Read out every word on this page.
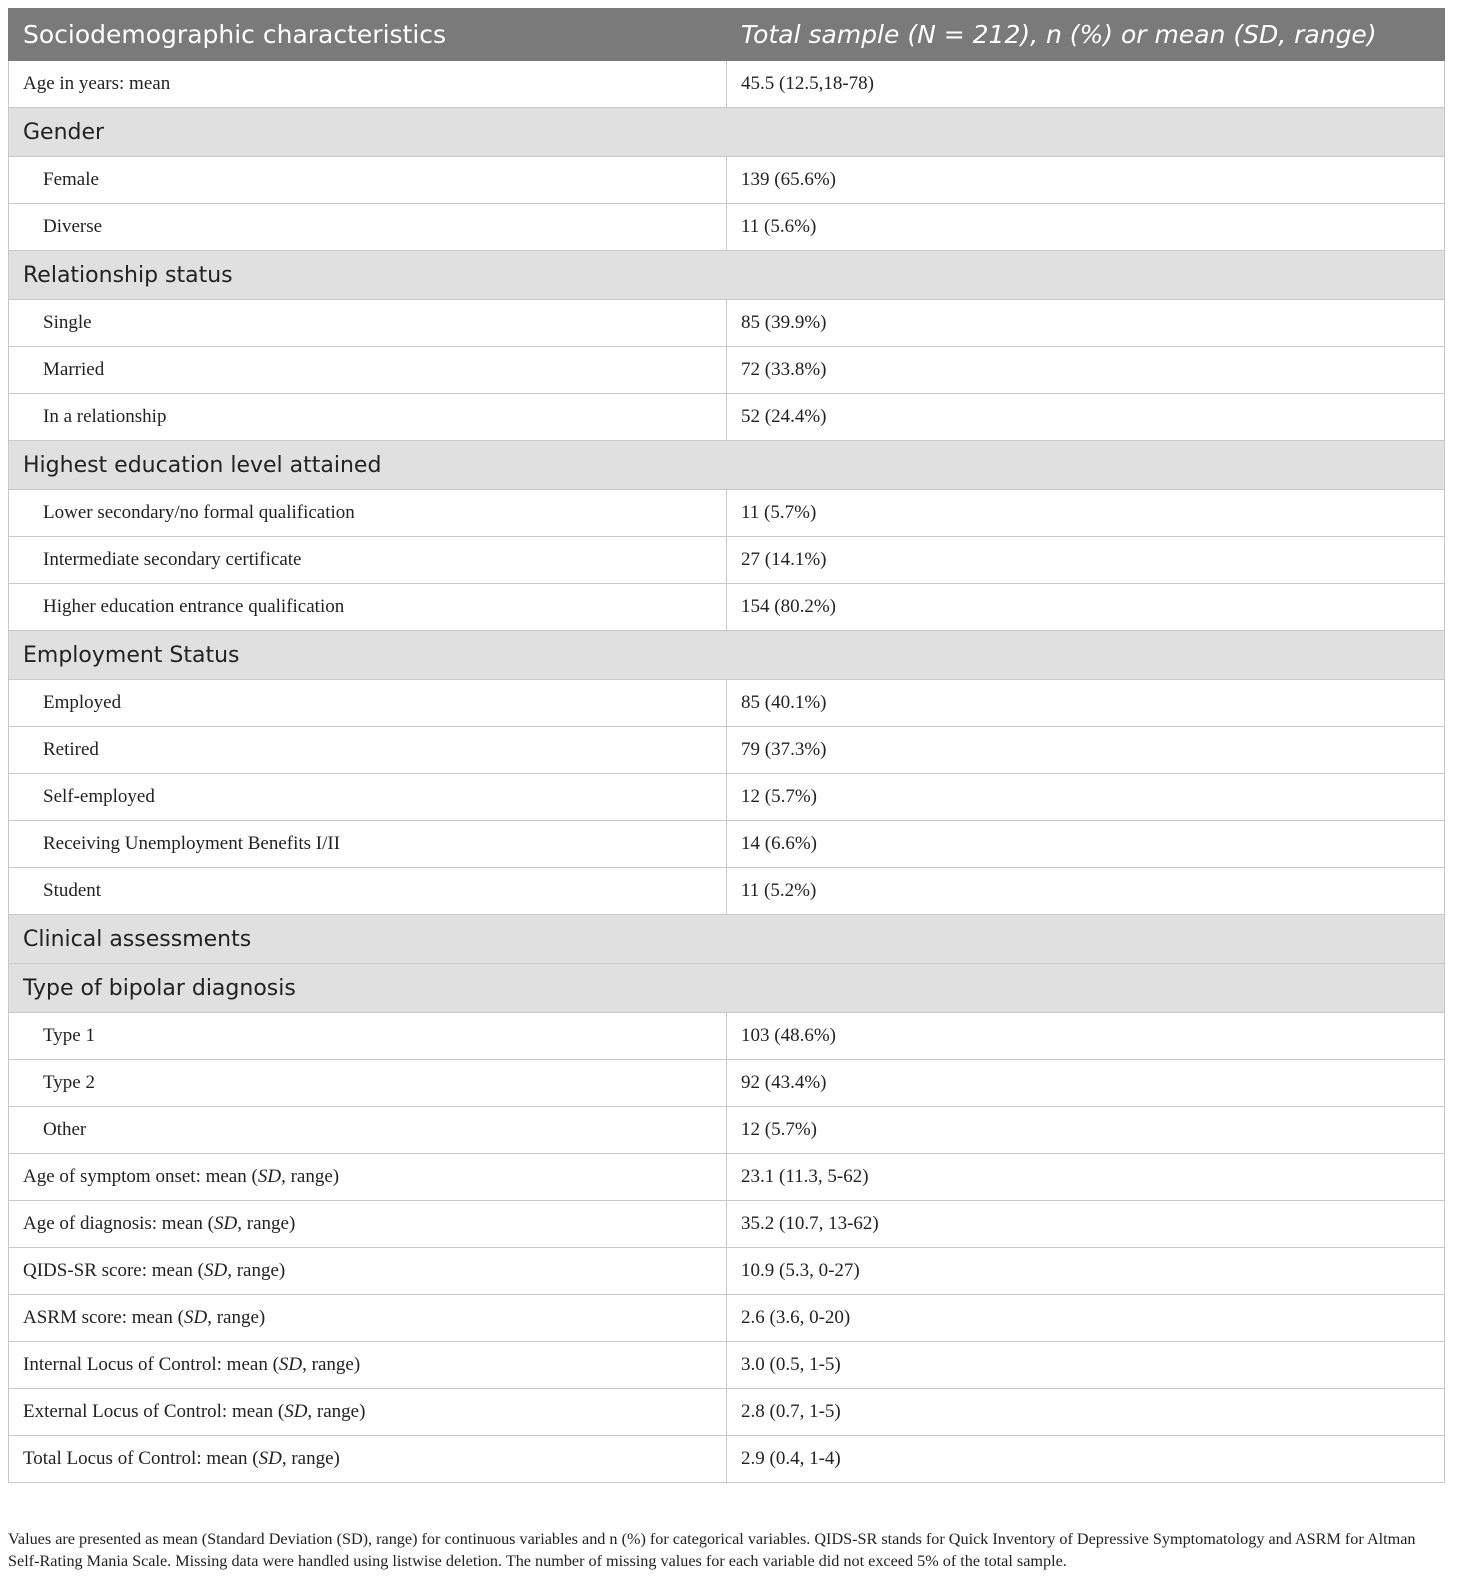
Sociodemographic characteristics	Total sample (N = 212), n (%) or mean (SD, range)
Age in years: mean	45.5 (12.5,18-78)
Gender	
Female	139 (65.6%)
Diverse	11 (5.6%)
Relationship status	
Single	85 (39.9%)
Married	72 (33.8%)
In a relationship	52 (24.4%)
Highest education level attained	
Lower secondary/no formal qualification	11 (5.7%)
Intermediate secondary certificate	27 (14.1%)
Higher education entrance qualification	154 (80.2%)
Employment Status	
Employed	85 (40.1%)
Retired	79 (37.3%)
Self-employed	12 (5.7%)
Receiving Unemployment Benefits I/II	14 (6.6%)
Student	11 (5.2%)
Clinical assessments	
Type of bipolar diagnosis	
Type 1	103 (48.6%)
Type 2	92 (43.4%)
Other	12 (5.7%)
Age of symptom onset: mean (SD, range)	23.1 (11.3, 5-62)
Age of diagnosis: mean (SD, range)	35.2 (10.7, 13-62)
QIDS-SR score: mean (SD, range)	10.9 (5.3, 0-27)
ASRM score: mean (SD, range)	2.6 (3.6, 0-20)
Internal Locus of Control: mean (SD, range)	3.0 (0.5, 1-5)
External Locus of Control: mean (SD, range)	2.8 (0.7, 1-5)
Total Locus of Control: mean (SD, range)	2.9 (0.4, 1-4)
Values are presented as mean (Standard Deviation (SD), range) for continuous variables and n (%) for categorical variables. QIDS-SR stands for Quick Inventory of Depressive Symptomatology and ASRM for Altman Self-Rating Mania Scale. Missing data were handled using listwise deletion. The number of missing values for each variable did not exceed 5% of the total sample.
